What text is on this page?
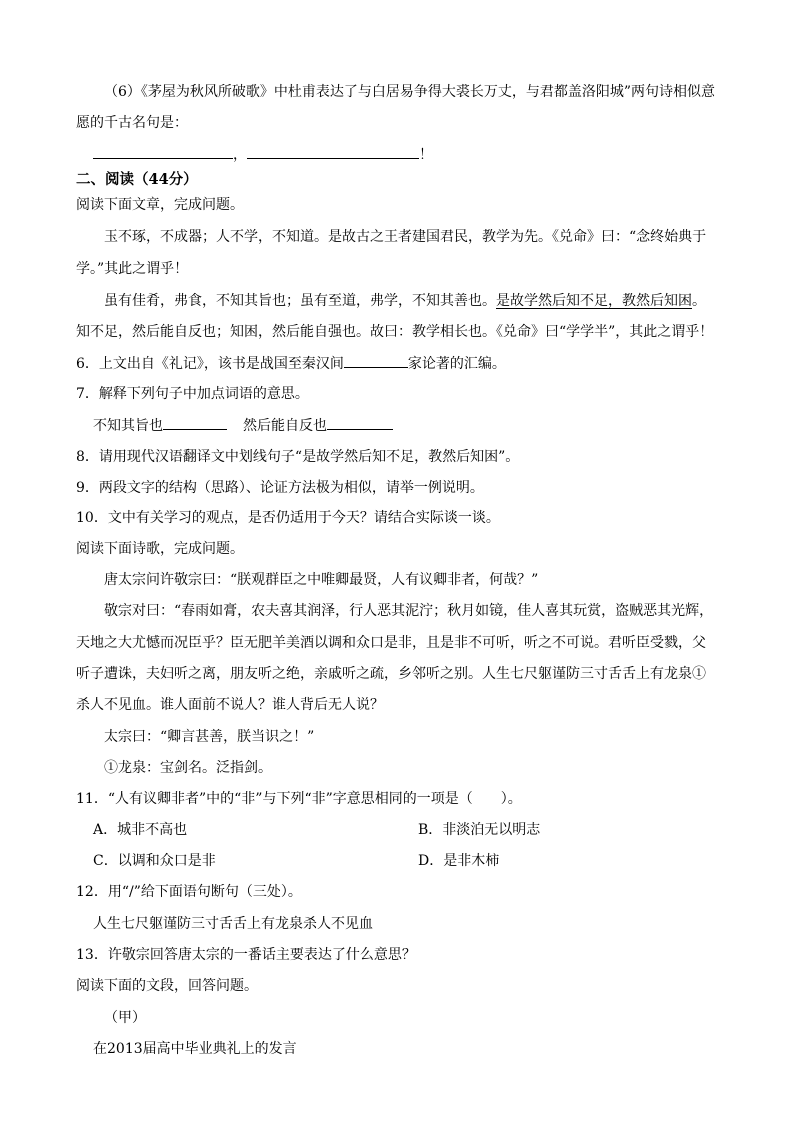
（6）《茅屋为秋风所破歌》中杜甫表达了与白居易争得大裘长万丈，与君都盖洛阳城”两句诗相似意
愿的千古名句是：
，	！
二、阅读（44分）
阅读下面文章，完成问题。
玉不琢，不成器；人不学，不知道。是故古之王者建国君民，教学为先。《兑命》曰：“念终始典于
学。”其此之谓乎！
虽有佳肴，弗食，不知其旨也；虽有至道，弗学，不知其善也。是故学然后知不足，教然后知困。
知不足，然后能自反也；知困，然后能自强也。故曰：教学相长也。《兑命》曰“学学半”，其此之谓乎！
6．上文出自《礼记》，该书是战国至秦汉间	家论著的汇编。
7．解释下列句子中加点词语的意思。
不知其旨也	然后能自反也
8．请用现代汉语翻译文中划线句子“是故学然后知不足，教然后知困”。
9．两段文字的结构（思路）、论证方法极为相似，请举一例说明。
10．文中有关学习的观点，是否仍适用于今天？请结合实际谈一谈。
阅读下面诗歌，完成问题。
唐太宗问许敬宗曰：“朕观群臣之中唯卿最贤，人有议卿非者，何哉？”
敬宗对曰：“春雨如膏，农夫喜其润泽，行人恶其泥泞；秋月如镜，佳人喜其玩赏，盗贼恶其光辉，
天地之大尤憾而况臣乎？臣无肥羊美酒以调和众口是非，且是非不可听，听之不可说。君听臣受戮，父
听子遭诛，夫妇听之离，朋友听之绝，亲戚听之疏，乡邻听之别。人生七尺躯谨防三寸舌舌上有龙泉①
杀人不见血。谁人面前不说人？谁人背后无人说？
太宗曰：“卿言甚善，朕当识之！”
①龙泉：宝剑名。泛指剑。
11．“人有议卿非者”中的“非”与下列“非”字意思相同的一项是（　　）。
A．城非不高也	B．非淡泊无以明志
C．以调和众口是非	D．是非木柿
12．用“/”给下面语句断句（三处）。
人生七尺躯谨防三寸舌舌上有龙泉杀人不见血
13．许敬宗回答唐太宗的一番话主要表达了什么意思？
阅读下面的文段，回答问题。
（甲）
在2013届高中毕业典礼上的发言
